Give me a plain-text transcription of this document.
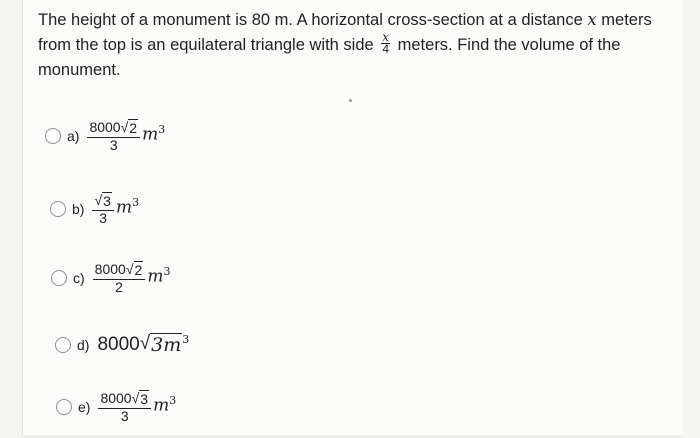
The height of a monument is 80 m. A horizontal cross-section at a distance x meters
from the top is an equilateral triangle with side $\frac{x}{4}$ meters. Find the volume of the
monument.
$a) \frac{8000√ 2}{3} m^3$
$b) \frac{√ 3}{3} m^3$
$c) \frac{8000√ 2}{2} m^3$
d) 8000 √ 3m $^3$
$e) \frac{8000√ 3}{3} m^3$
